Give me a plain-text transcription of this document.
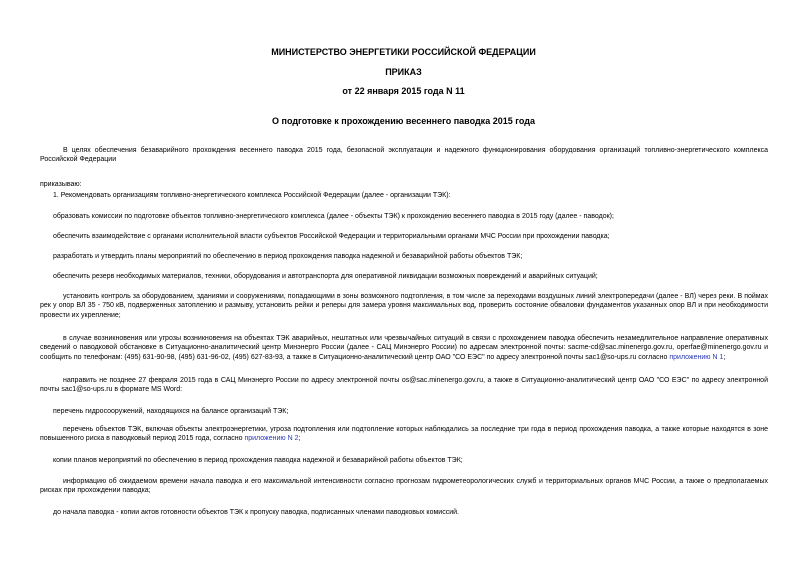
МИНИСТЕРСТВО ЭНЕРГЕТИКИ РОССИЙСКОЙ ФЕДЕРАЦИИ
ПРИКАЗ
от 22 января 2015 года N 11
О подготовке к прохождению весеннего паводка 2015 года

В целях обеспечения безаварийного прохождения весеннего паводка 2015 года, безопасной эксплуатации и надежного функционирования оборудования организаций топливно-энергетического комплекса Российской Федерации

приказываю:

1. Рекомендовать организациям топливно-энергетического комплекса Российской Федерации (далее - организации ТЭК):

образовать комиссии по подготовке объектов топливно-энергетического комплекса (далее - объекты ТЭК) к прохождению весеннего паводка в 2015 году (далее - паводок);

обеспечить взаимодействие с органами исполнительной власти субъектов Российской Федерации и территориальными органами МЧС России при прохождении паводка;

разработать и утвердить планы мероприятий по обеспечению в период прохождения паводка надежной и безаварийной работы объектов ТЭК;

обеспечить резерв необходимых материалов, техники, оборудования и автотранспорта для оперативной ликвидации возможных повреждений и аварийных ситуаций;

установить контроль за оборудованием, зданиями и сооружениями, попадающими в зоны возможного подтопления, в том числе за переходами воздушных линий электропередачи (далее - ВЛ) через реки. В поймах рек у опор ВЛ 35 - 750 кВ, подверженных затоплению и размыву, установить рейки и реперы для замера уровня максимальных вод, проверить состояние обваловки фундаментов указанных опор ВЛ и при необходимости провести их укрепление;

в случае возникновения или угрозы возникновения на объектах ТЭК аварийных, нештатных или чрезвычайных ситуаций в связи с прохождением паводка обеспечить незамедлительное направление оперативных сведений о паводковой обстановке в Ситуационно-аналитический центр Минэнерго России (далее - САЦ Минэнерго России) по адресам электронной почты: sacmе-cd@sac.minenergo.gov.ru, operfae@minenergo.gov.ru и сообщить по телефонам: (495) 631-90-98, (495) 631-96-02, (495) 627-83-93, а также в Ситуационно-аналитический центр ОАО "СО ЕЭС" по адресу электронной почты sac1@so-ups.ru согласно приложению N 1;

направить не позднее 27 февраля 2015 года в САЦ Минэнерго России по адресу электронной почты os@sac.minenergo.gov.ru, а также в Ситуационно-аналитический центр ОАО "СО ЕЭС" по адресу электронной почты sac1@so-ups.ru в формате MS Word:

перечень гидросооружений, находящихся на балансе организаций ТЭК;

перечень объектов ТЭК, включая объекты электроэнергетики, угроза подтопления или подтопление которых наблюдались за последние три года в период прохождения паводка, а также которые находятся в зоне повышенного риска в паводковый период 2015 года, согласно приложению N 2;

копии планов мероприятий по обеспечению в период прохождения паводка надежной и безаварийной работы объектов ТЭК;

информацию об ожидаемом времени начала паводка и его максимальной интенсивности согласно прогнозам гидрометеорологических служб и территориальных органов МЧС России, а также о предполагаемых рисках при прохождении паводка;

до начала паводка - копии актов готовности объектов ТЭК к пропуску паводка, подписанных членами паводковых комиссий.
